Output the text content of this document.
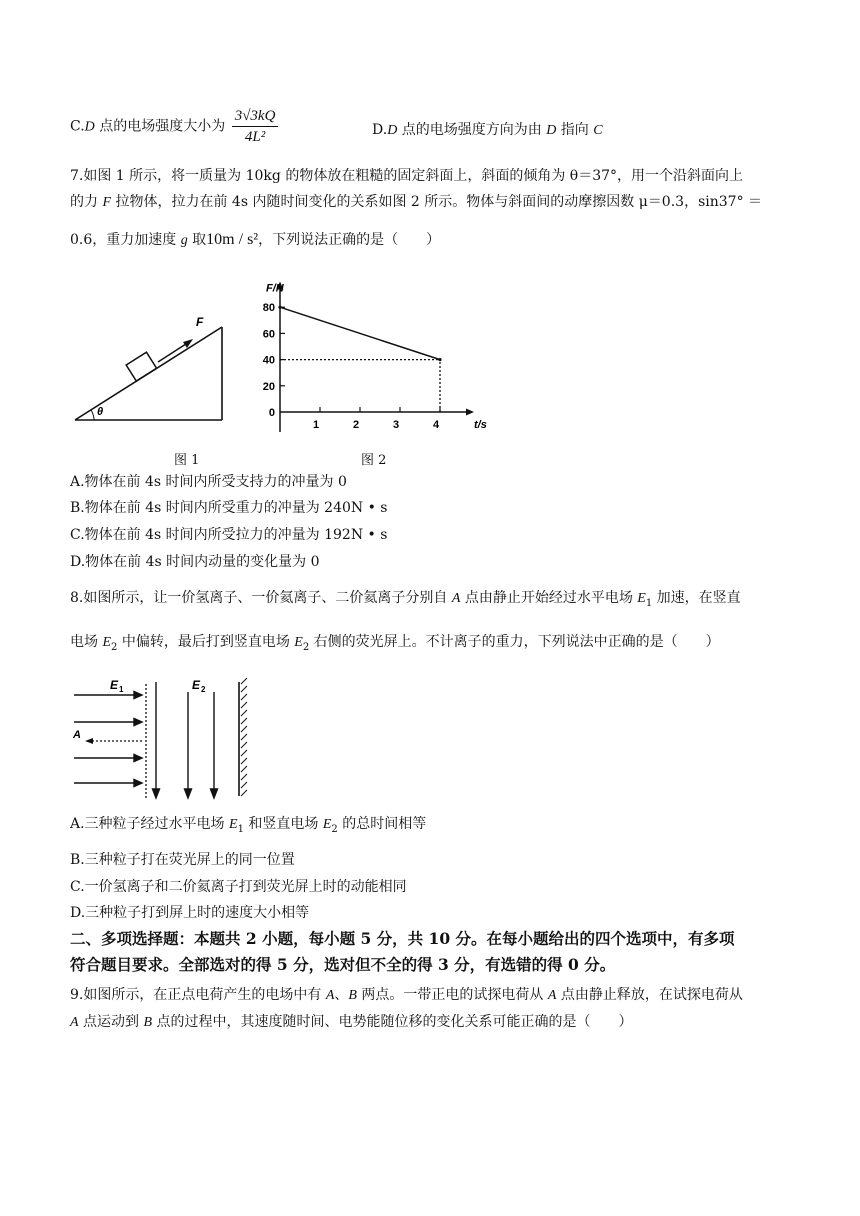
C.D 点的电场强度大小为 $\frac{3√3kQ}{\text{4L²}}$	D.D 点的电场强度方向为由 D 指向 C
7.如图 1 所示，将一质量为 10kg 的物体放在粗糙的固定斜面上，斜面的倾角为 θ＝37°，用一个沿斜面向上
的力 F 拉物体，拉力在前 4s 内随时间变化的关系如图 2 所示。物体与斜面间的动摩擦因数 μ＝0.3，sin37° ＝
0.6，重力加速度 g 取10m / s²，下列说法正确的是（　　）
F
θ
F/N
t/s
0
20
40
60
80
1	2	3	4
图 1	图 2
A.物体在前 4s 时间内所受支持力的冲量为 0
B.物体在前 4s 时间内所受重力的冲量为 240N • s
C.物体在前 4s 时间内所受拉力的冲量为 192N • s
D.物体在前 4s 时间内动量的变化量为 0
8.如图所示，让一价氢离子、一价氦离子、二价氦离子分别自 A 点由静止开始经过水平电场 $E_1$ 加速，在竖直
电场 $E_2$ 中偏转，最后打到竖直电场 $E_2$ 右侧的荧光屏上。不计离子的重力，下列说法中正确的是（　　）
E 1
A
E 2
A.三种粒子经过水平电场 $E_1$ 和竖直电场 $E_2$ 的总时间相等
B.三种粒子打在荧光屏上的同一位置
C.一价氢离子和二价氦离子打到荧光屏上时的动能相同
D.三种粒子打到屏上时的速度大小相等
二、多项选择题：本题共 2 小题，每小题 5 分，共 10 分。在每小题给出的四个选项中，有多项
符合题目要求。全部选对的得 5 分，选对但不全的得 3 分，有选错的得 0 分。
9.如图所示，在正点电荷产生的电场中有 A、B 两点。一带正电的试探电荷从 A 点由静止释放，在试探电荷从
A 点运动到 B 点的过程中，其速度随时间、电势能随位移的变化关系可能正确的是（　　）
